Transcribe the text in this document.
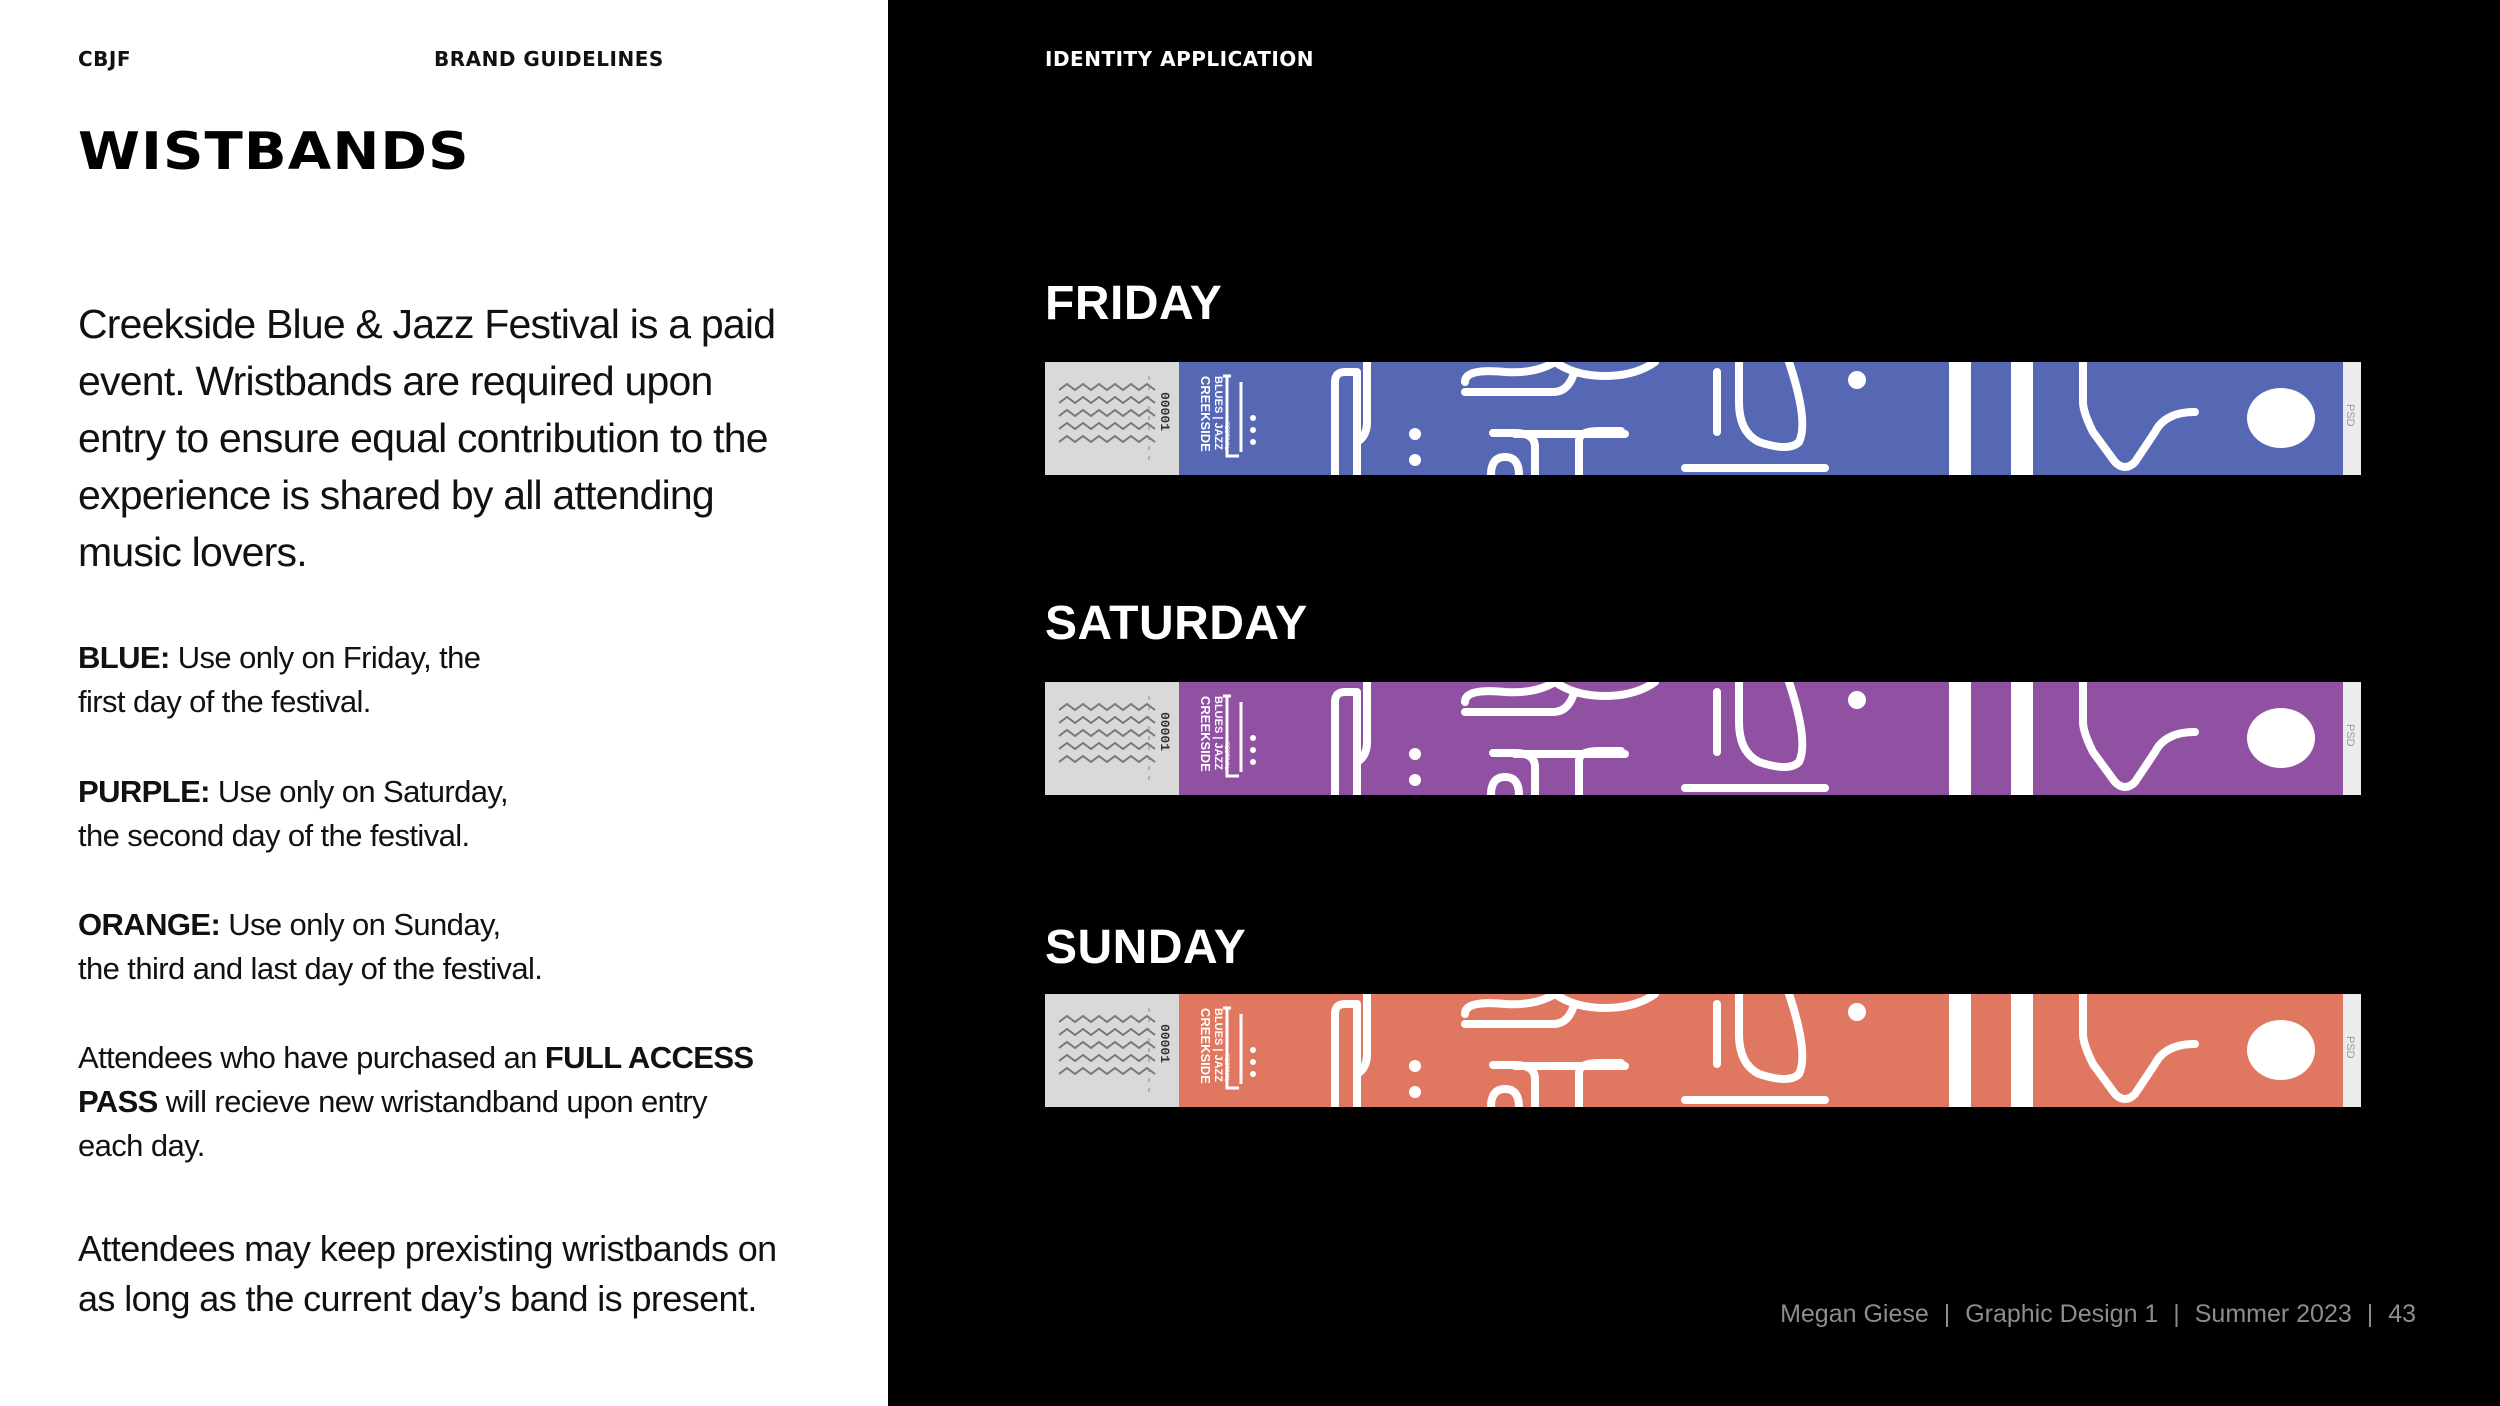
CBJF	BRAND GUIDELINES
WISTBANDS

Creekside Blue & Jazz Festival is a paid event. Wristbands are required upon entry to ensure equal contribution to the experience is shared by all attending music lovers.

BLUE: Use only on Friday, the
first day of the festival.

PURPLE: Use only on Saturday,
the second day of the festival.

ORANGE: Use only on Sunday,
the third and last day of the festival.

Attendees who have purchased an FULL ACCESS
PASS will recieve new wristandband upon entry
each day.

Attendees may keep prexisting wristbands on as long as the current day’s band is present.

IDENTITY APPLICATION
FRIDAY
00001	PSD
CREEKSIDE BLUES | JAZZ FESTIVAL
SATURDAY
00001	PSD
CREEKSIDE BLUES | JAZZ FESTIVAL
SUNDAY
00001	PSD
CREEKSIDE BLUES | JAZZ FESTIVAL
Megan Giese | Graphic Design 1 | Summer 2023 | 43
